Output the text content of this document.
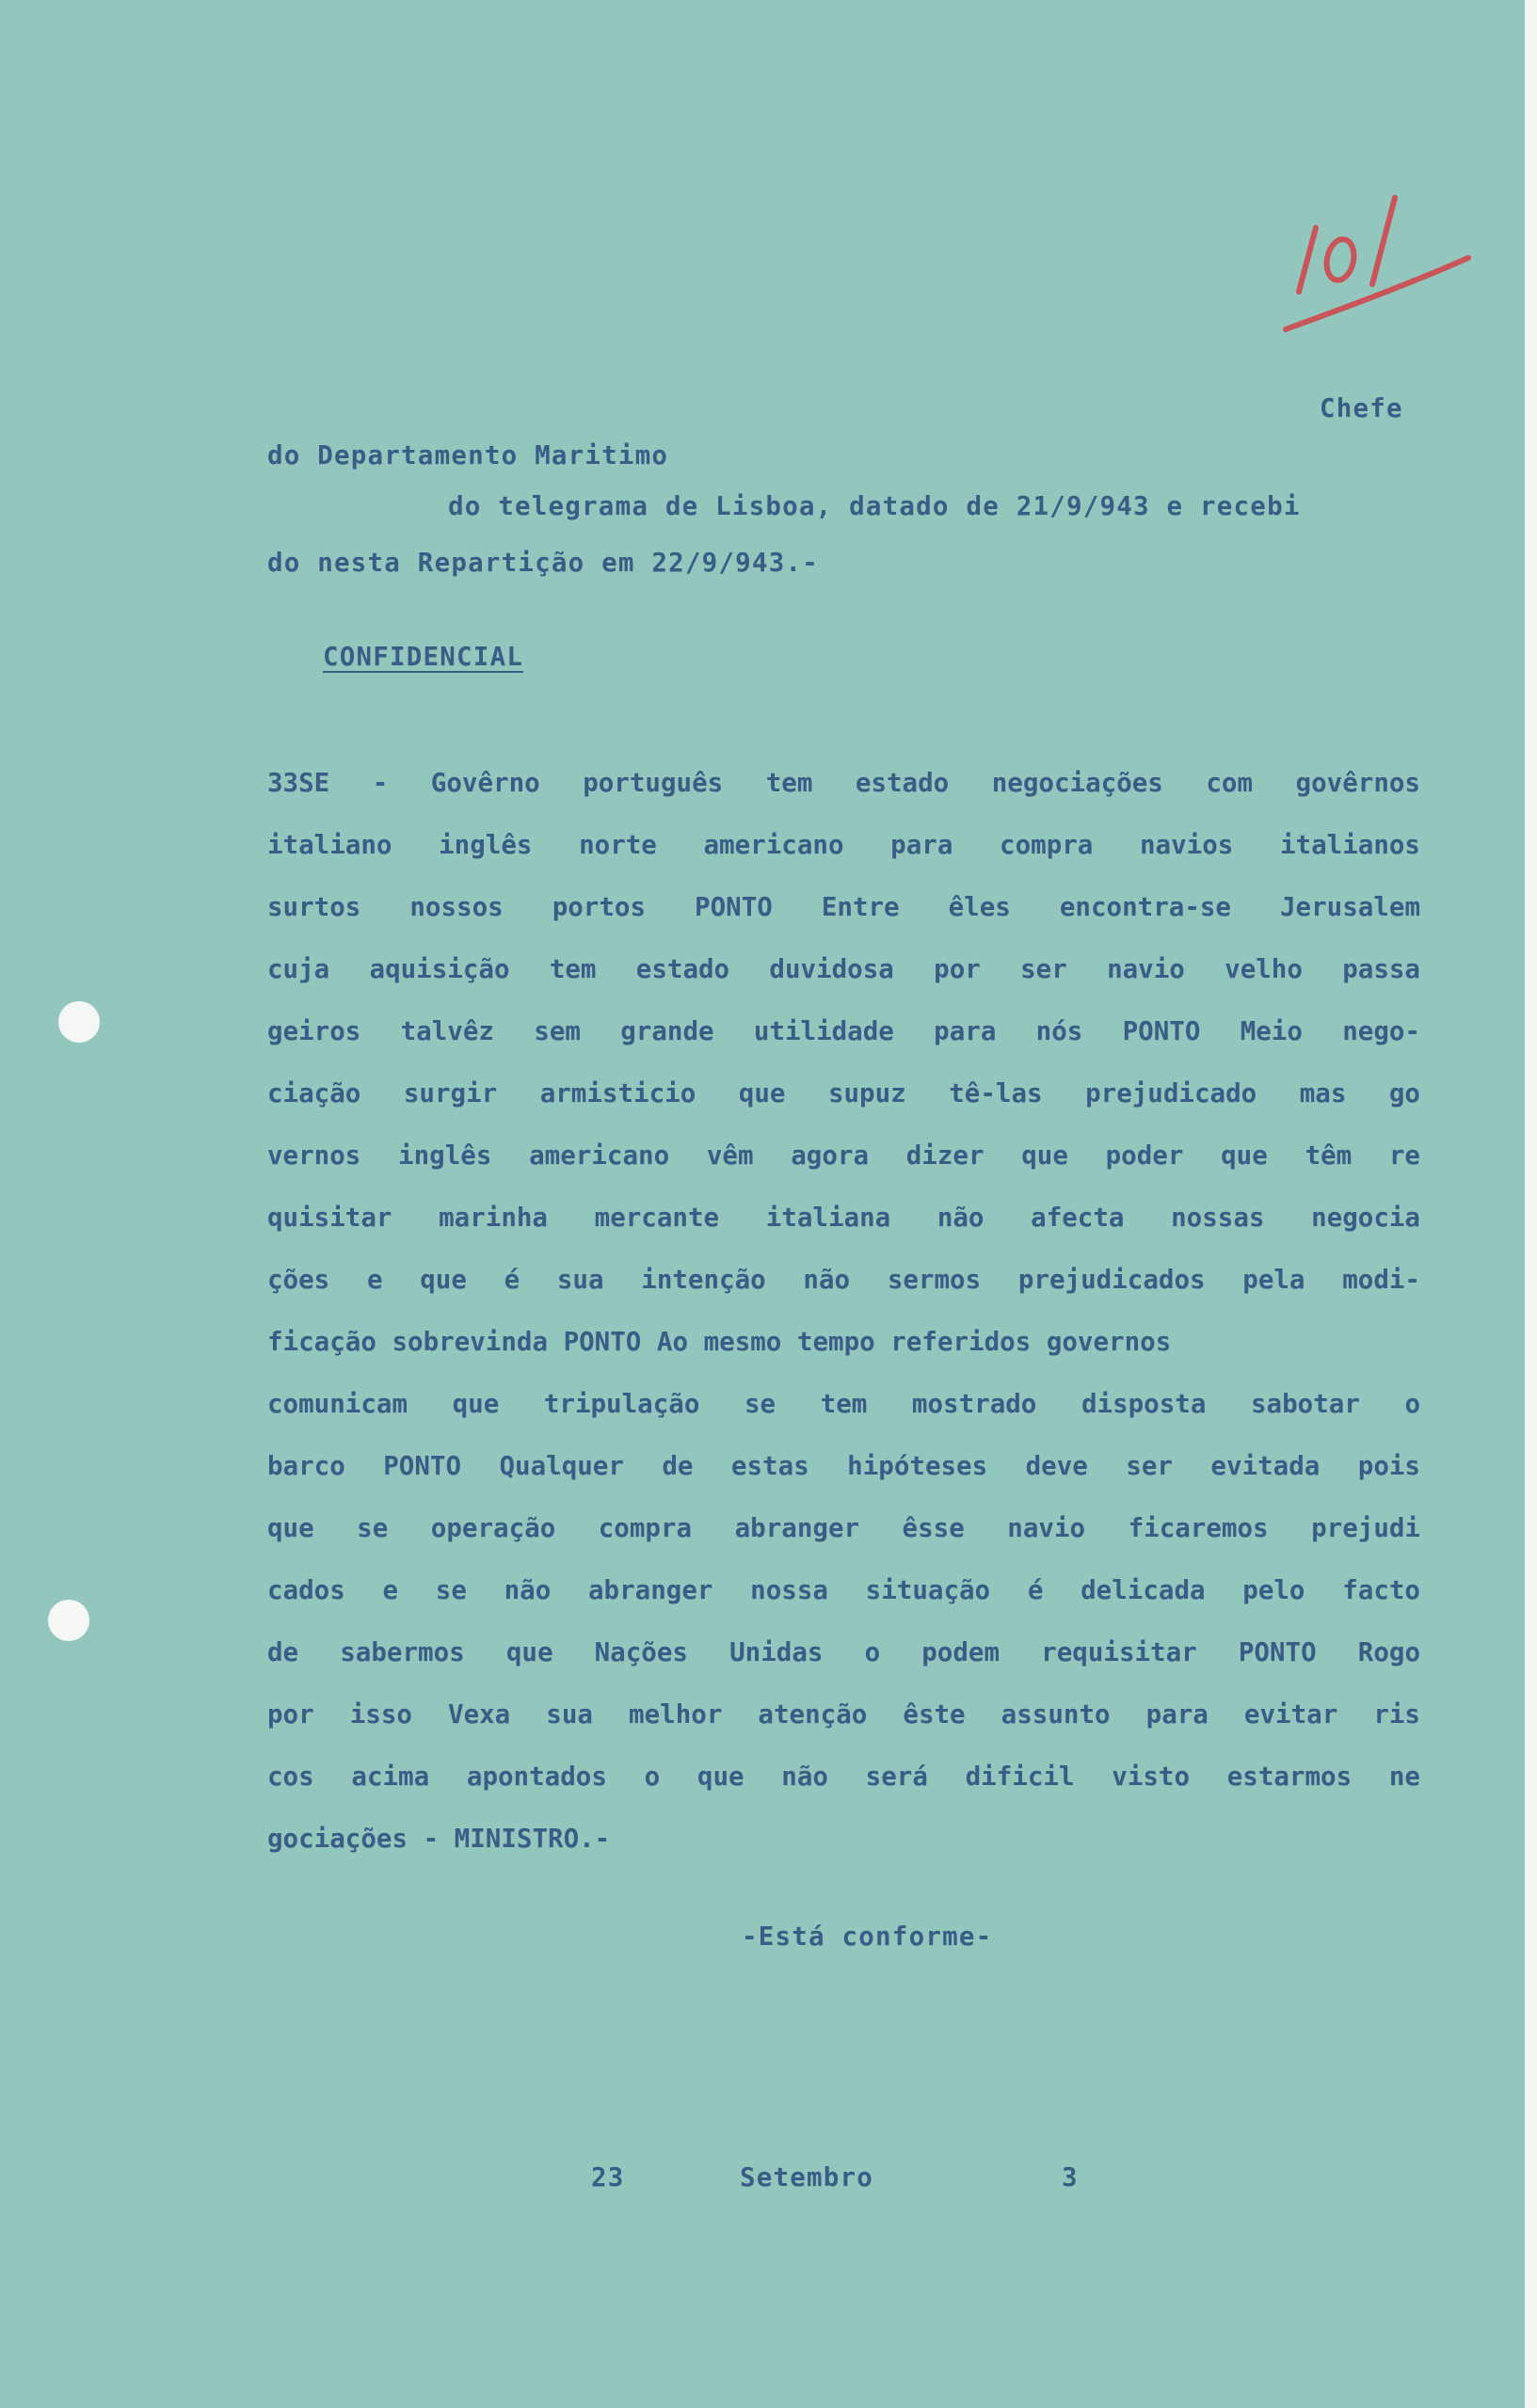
Chefe

do Departamento Maritimo

do telegrama de Lisboa, datado de 21/9/943 e recebi

do nesta Repartição em 22/9/943.-

CONFIDENCIAL

33SE - Govêrno português tem estado negociações com govêrnos

italiano inglês norte americano para compra navios italianos

surtos nossos portos PONTO Entre êles encontra-se Jerusalem

cuja aquisição tem estado duvidosa por ser navio velho passa

geiros talvêz sem grande utilidade para nós PONTO Meio nego-

ciação surgir armisticio que supuz tê-las prejudicado mas go

vernos inglês americano vêm agora dizer que poder que têm re

quisitar marinha mercante italiana não afecta nossas negocia

ções e que é sua intenção não sermos prejudicados pela modi-

ficação sobrevinda PONTO Ao mesmo tempo referidos governos

comunicam que tripulação se tem mostrado disposta sabotar o

barco PONTO Qualquer de estas hipóteses deve ser evitada pois

que se operação compra abranger êsse navio ficaremos prejudi

cados e se não abranger nossa situação é delicada pelo facto

de sabermos que Nações Unidas o podem requisitar PONTO Rogo

por isso Vexa sua melhor atenção êste assunto para evitar ris

cos acima apontados o que não será dificil visto estarmos ne

gociações - MINISTRO.-

-Está conforme-

23	Setembro	3
